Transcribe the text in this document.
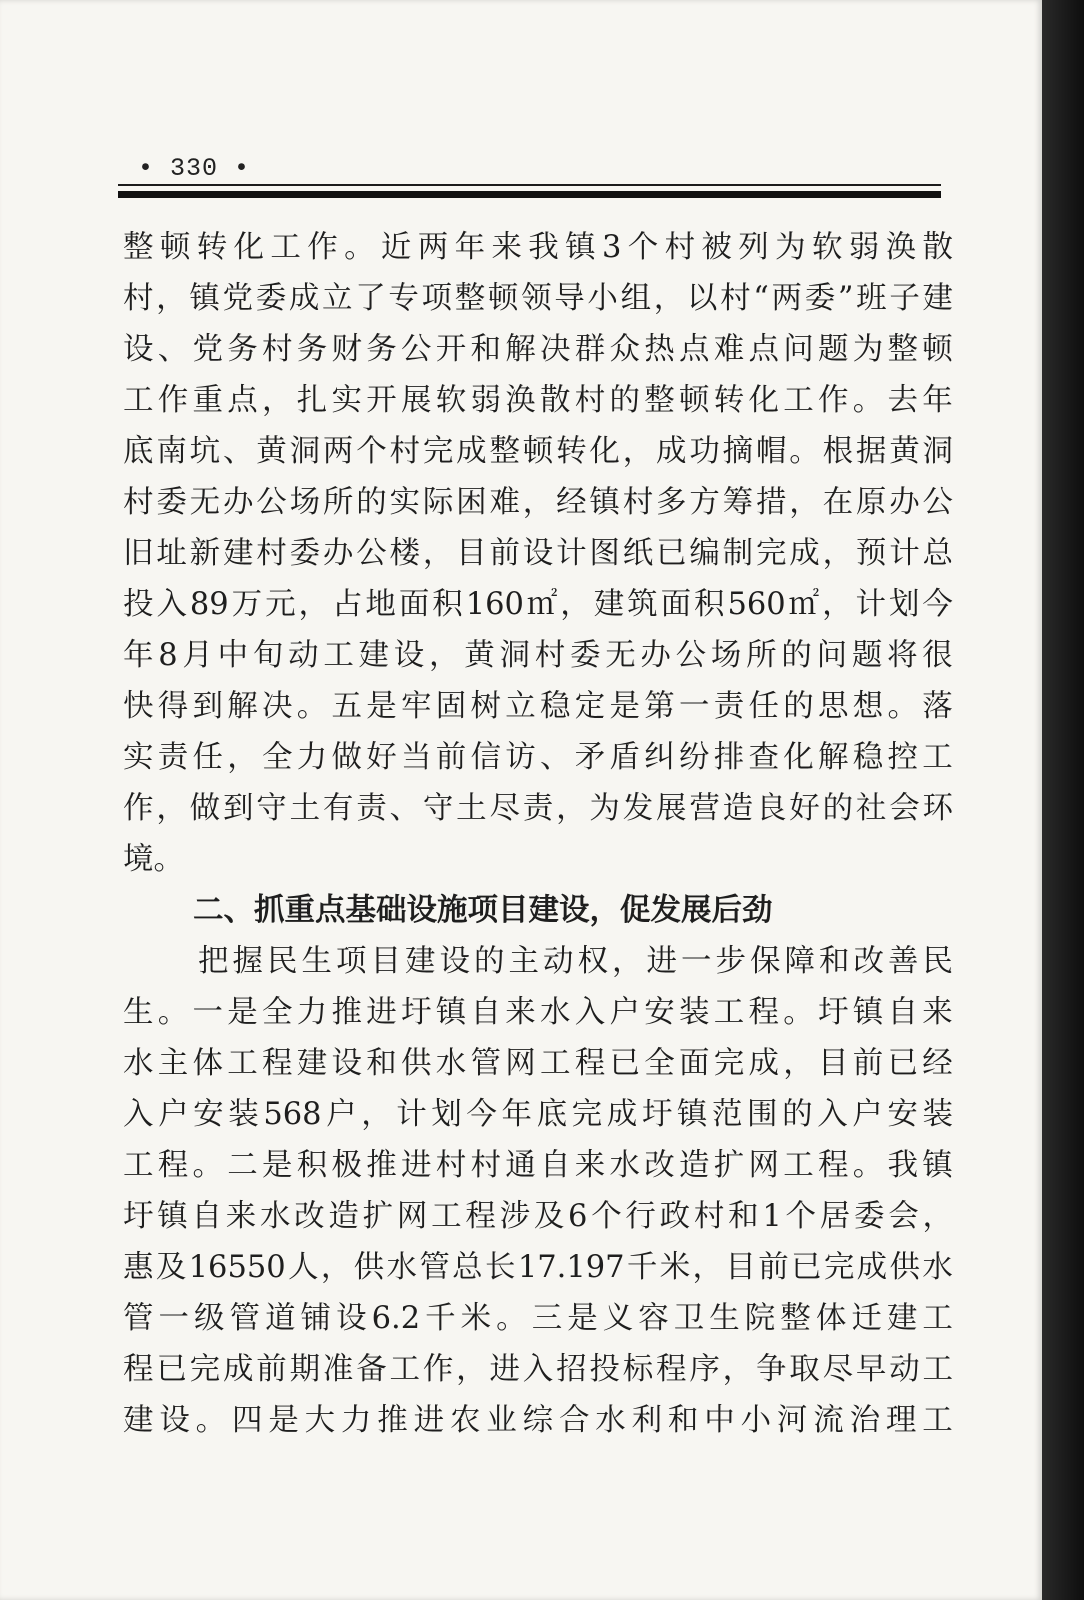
• 330 •
整 顿 转 化 工 作 。 近 两 年 来 我 镇 3 个 村 被 列 为 软 弱 涣 散
村 ， 镇 党 委 成 立 了 专 项 整 顿 领 导 小 组 ， 以 村 “ 两 委 ” 班 子 建
设 、 党 务 村 务 财 务 公 开 和 解 决 群 众 热 点 难 点 问 题 为 整 顿
工 作 重 点 ， 扎 实 开 展 软 弱 涣 散 村 的 整 顿 转 化 工 作 。 去 年
底 南 坑 、 黄 洞 两 个 村 完 成 整 顿 转 化 ， 成 功 摘 帽 。 根 据 黄 洞
村 委 无 办 公 场 所 的 实 际 困 难 ， 经 镇 村 多 方 筹 措 ， 在 原 办 公
旧 址 新 建 村 委 办 公 楼 ， 目 前 设 计 图 纸 已 编 制 完 成 ， 预 计 总
投 入 89 万 元 ， 占 地 面 积 160 ㎡ ， 建 筑 面 积 560 ㎡ ， 计 划 今
年 8 月 中 旬 动 工 建 设 ， 黄 洞 村 委 无 办 公 场 所 的 问 题 将 很
快 得 到 解 决 。 五 是 牢 固 树 立 稳 定 是 第 一 责 任 的 思 想 。 落
实 责 任 ， 全 力 做 好 当 前 信 访 、 矛 盾 纠 纷 排 查 化 解 稳 控 工
作 ， 做 到 守 土 有 责 、 守 土 尽 责 ， 为 发 展 营 造 良 好 的 社 会 环
境。
二、抓重点基础设施项目建设，促发展后劲
把 握 民 生 项 目 建 设 的 主 动 权 ， 进 一 步 保 障 和 改 善 民
生 。 一 是 全 力 推 进 圩 镇 自 来 水 入 户 安 装 工 程 。 圩 镇 自 来
水 主 体 工 程 建 设 和 供 水 管 网 工 程 已 全 面 完 成 ， 目 前 已 经
入 户 安 装 568 户 ， 计 划 今 年 底 完 成 圩 镇 范 围 的 入 户 安 装
工 程 。 二 是 积 极 推 进 村 村 通 自 来 水 改 造 扩 网 工 程 。 我 镇
圩 镇 自 来 水 改 造 扩 网 工 程 涉 及 6 个 行 政 村 和 1 个 居 委 会 ，
惠 及 16550 人 ， 供 水 管 总 长 17.197 千 米 ， 目 前 已 完 成 供 水
管 一 级 管 道 铺 设 6.2 千 米 。 三 是 义 容 卫 生 院 整 体 迁 建 工
程 已 完 成 前 期 准 备 工 作 ， 进 入 招 投 标 程 序 ， 争 取 尽 早 动 工
建 设 。 四 是 大 力 推 进 农 业 综 合 水 利 和 中 小 河 流 治 理 工
